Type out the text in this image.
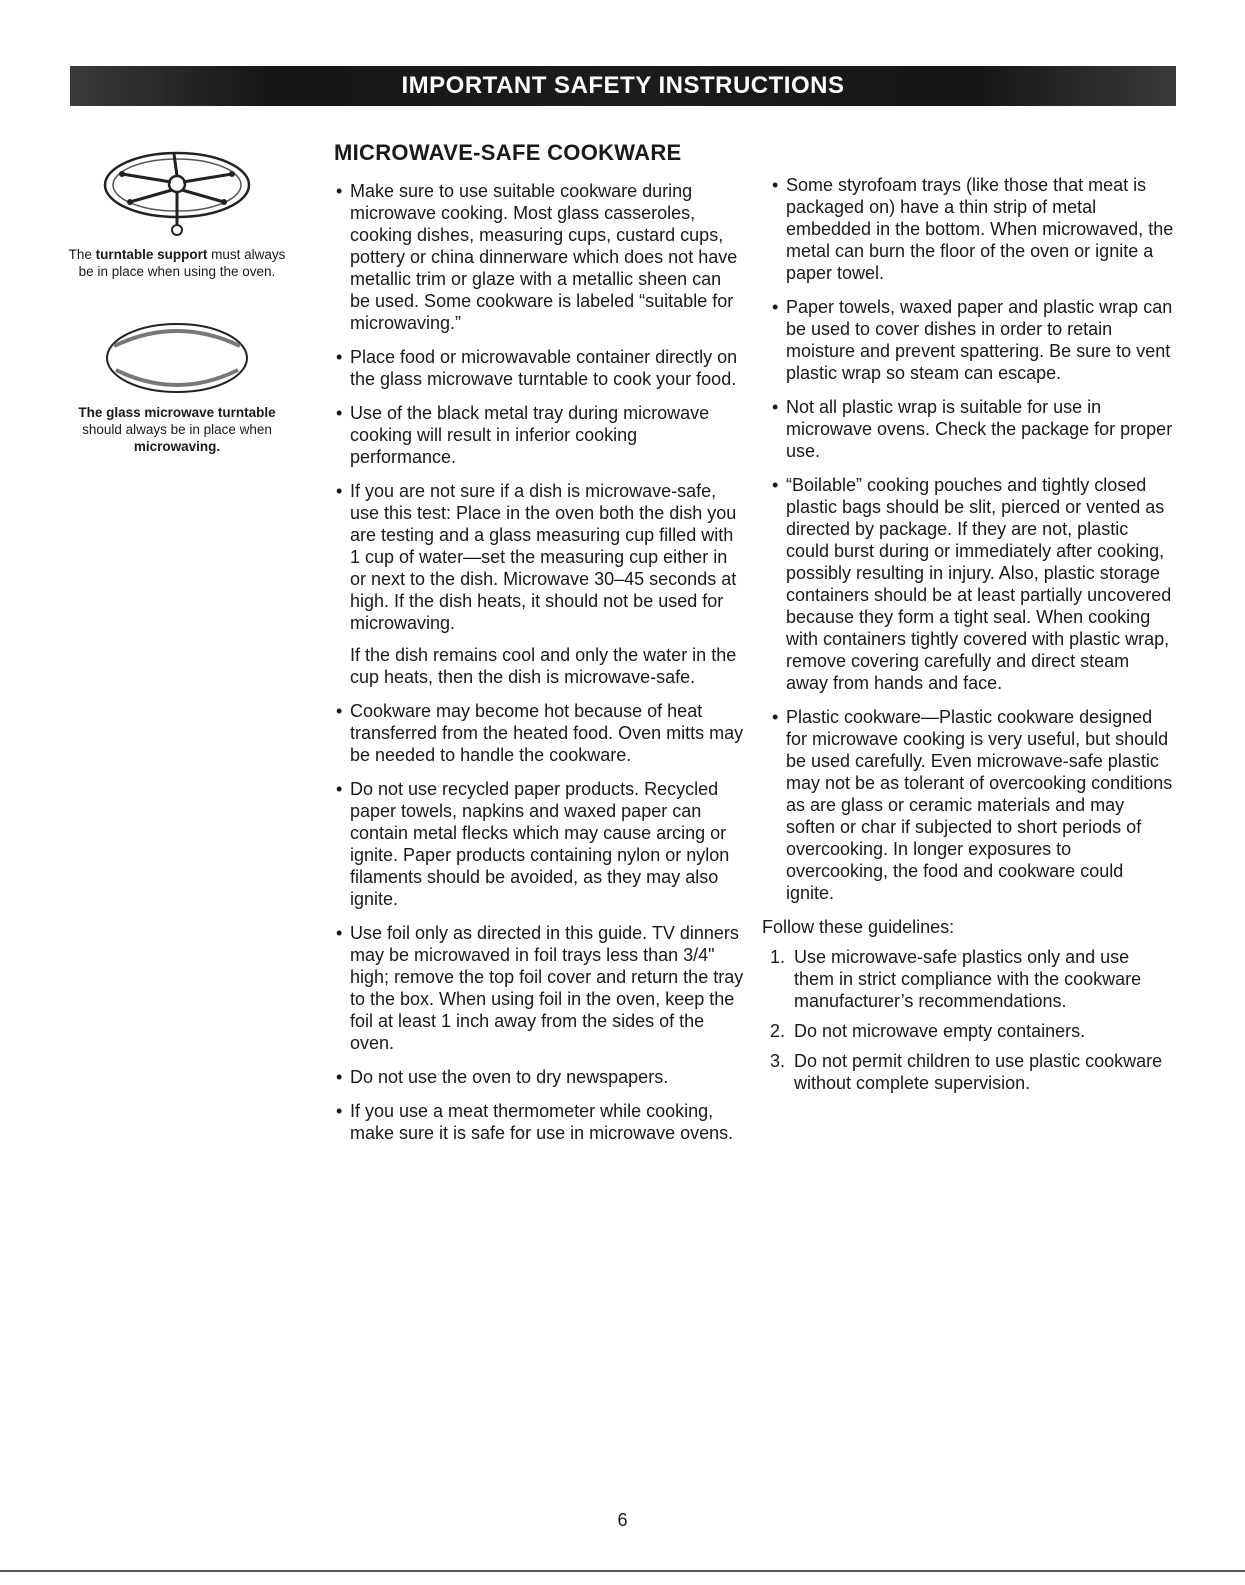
IMPORTANT SAFETY INSTRUCTIONS
The turntable support must always be in place when using the oven.
The glass microwave turntable should always be in place when microwaving.
MICROWAVE-SAFE COOKWARE
• Make sure to use suitable cookware during microwave cooking. Most glass casseroles, cooking dishes, measuring cups, custard cups, pottery or china dinnerware which does not have metallic trim or glaze with a metallic sheen can be used. Some cookware is labeled “suitable for microwaving.”
• Place food or microwavable container directly on the glass microwave turntable to cook your food.
• Use of the black metal tray during microwave cooking will result in inferior cooking performance.
• If you are not sure if a dish is microwave-safe, use this test: Place in the oven both the dish you are testing and a glass measuring cup filled with 1 cup of water—set the measuring cup either in or next to the dish. Microwave 30–45 seconds at high. If the dish heats, it should not be used for microwaving.

If the dish remains cool and only the water in the cup heats, then the dish is microwave-safe.

• Cookware may become hot because of heat transferred from the heated food. Oven mitts may be needed to handle the cookware.
• Do not use recycled paper products. Recycled paper towels, napkins and waxed paper can contain metal flecks which may cause arcing or ignite. Paper products containing nylon or nylon filaments should be avoided, as they may also ignite.
• Use foil only as directed in this guide. TV dinners may be microwaved in foil trays less than 3/4" high; remove the top foil cover and return the tray to the box. When using foil in the oven, keep the foil at least 1 inch away from the sides of the oven.
• Do not use the oven to dry newspapers.
• If you use a meat thermometer while cooking, make sure it is safe for use in microwave ovens.
• Some styrofoam trays (like those that meat is packaged on) have a thin strip of metal embedded in the bottom. When microwaved, the metal can burn the floor of the oven or ignite a paper towel.
• Paper towels, waxed paper and plastic wrap can be used to cover dishes in order to retain moisture and prevent spattering. Be sure to vent plastic wrap so steam can escape.
• Not all plastic wrap is suitable for use in microwave ovens. Check the package for proper use.
• “Boilable” cooking pouches and tightly closed plastic bags should be slit, pierced or vented as directed by package. If they are not, plastic could burst during or immediately after cooking, possibly resulting in injury. Also, plastic storage containers should be at least partially uncovered because they form a tight seal. When cooking with containers tightly covered with plastic wrap, remove covering carefully and direct steam away from hands and face.
• Plastic cookware—Plastic cookware designed for microwave cooking is very useful, but should be used carefully. Even microwave-safe plastic may not be as tolerant of overcooking conditions as are glass or ceramic materials and may soften or char if subjected to short periods of overcooking. In longer exposures to overcooking, the food and cookware could ignite.
Follow these guidelines:
1. Use microwave-safe plastics only and use them in strict compliance with the cookware manufacturer’s recommendations.
2. Do not microwave empty containers.
3. Do not permit children to use plastic cookware without complete supervision.
6
